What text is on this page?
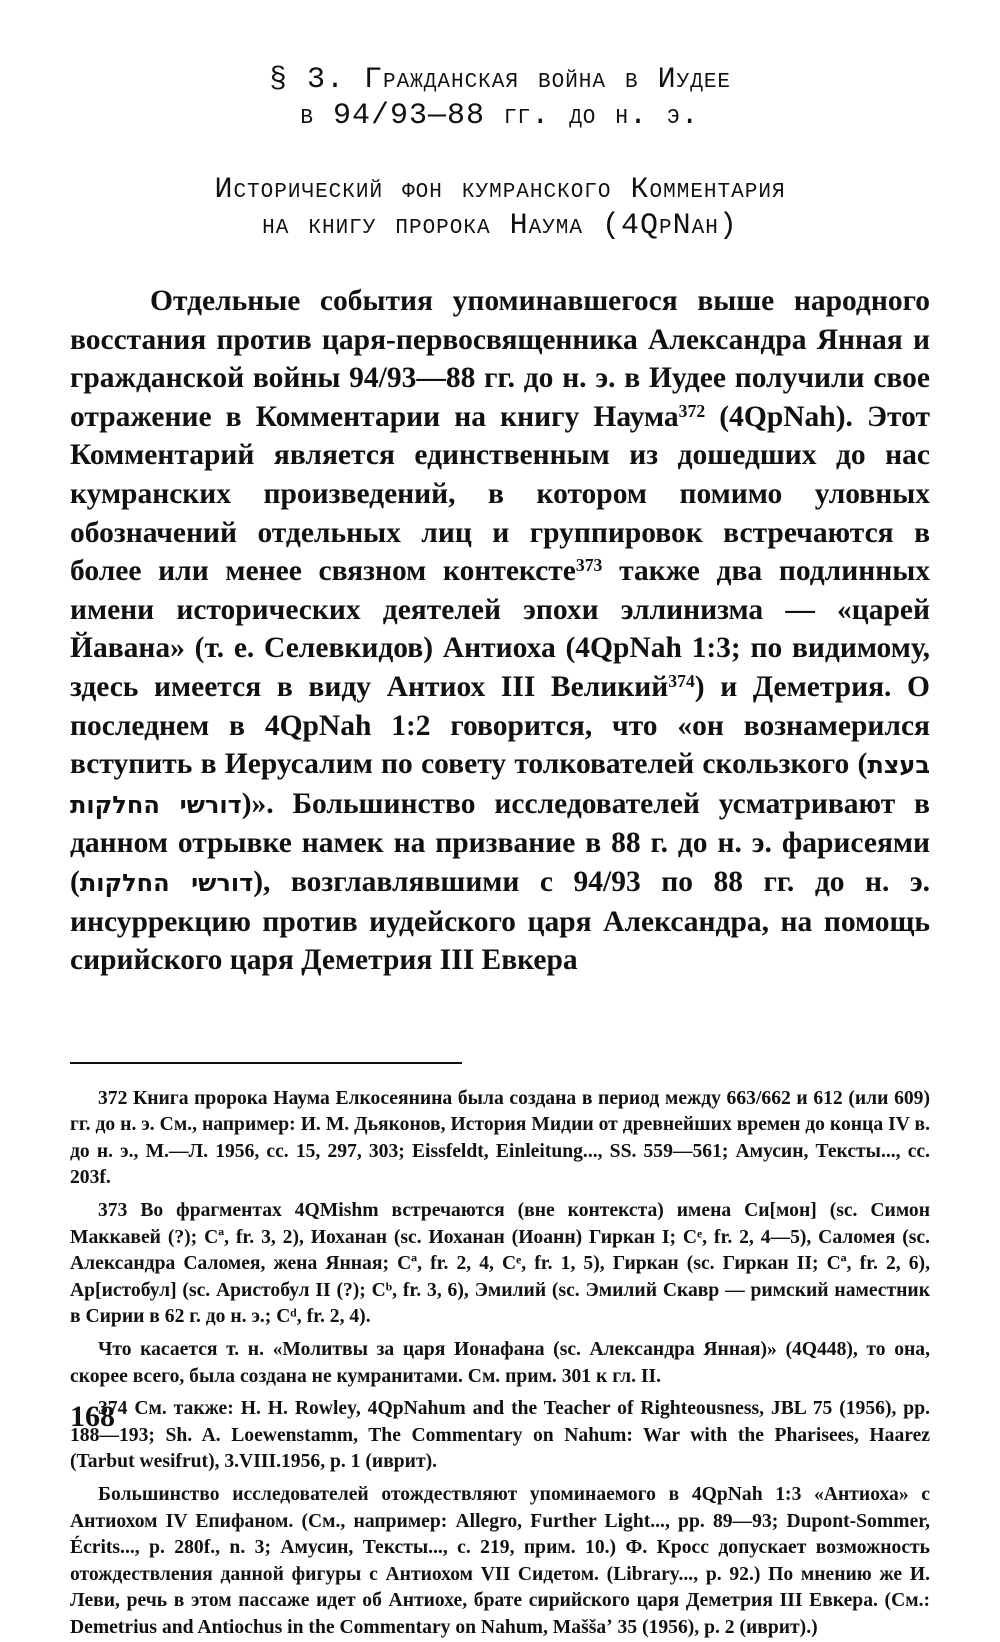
§ 3. Гражданская война в Иудее
в 94/93—88 гг. до н. э.
Исторический фон кумранского Комментария
на книгу пророка Наума (4QpNah)

Отдельные события упоминавшегося выше народного восстания против царя-первосвященника Александра Янная и гражданской войны 94/93—88 гг. до н. э. в Иудее получили свое отражение в Комментарии на книгу Наума$^{372}$ (4QpNah). Этот Комментарий является единственным из дошедших до нас кумранских произведений, в котором помимо уловных обозначений отдельных лиц и группировок встречаются в более или менее связном контексте$^{373}$ также два подлинных имени исторических деятелей эпохи эллинизма — «царей Йавана» (т. е. Селевкидов) Антиоха (4QpNah 1:3; по видимому, здесь имеется в виду Антиох III Великий$^{374}$) и Деметрия. О последнем в 4QpNah 1:2 говорится, что «он вознамерился вступить в Иерусалим по совету толкователей скользкого (בעצת דורשי החלקות)». Большинство исследователей усматривают в данном отрывке намек на призвание в 88 г. до н. э. фарисеями (דורשי החלקות), возглавлявшими с 94/93 по 88 гг. до н. э. инсуррекцию против иудейского царя Александра, на помощь сирийского царя Деметрия III Евкера

372 Книга пророка Наума Елкосеянина была создана в период между 663/662 и 612 (или 609) гг. до н. э. См., например: И. М. Дьяконов, История Мидии от древнейших времен до конца IV в. до н. э., М.—Л. 1956, сс. 15, 297, 303; Eissfeldt, Einleitung..., SS. 559—561; Амусин, Тексты..., сс. 203f.

373 Во фрагментах 4QMishm встречаются (вне контекста) имена Си[мон] (sc. Симон Маккавей (?); Cª, fr. 3, 2), Иоханан (sc. Иоханан (Иоанн) Гиркан I; Cᵉ, fr. 2, 4—5), Саломея (sc. Александра Саломея, жена Янная; Cª, fr. 2, 4, Cᵉ, fr. 1, 5), Гиркан (sc. Гиркан II; Cª, fr. 2, 6), Ар[истобул] (sc. Аристобул II (?); Cᵇ, fr. 3, 6), Эмилий (sc. Эмилий Скавр — римский наместник в Сирии в 62 г. до н. э.; Cᵈ, fr. 2, 4).

Что касается т. н. «Молитвы за царя Ионафана (sc. Александра Янная)» (4Q448), то она, скорее всего, была создана не кумранитами. См. прим. 301 к гл. II.

374 См. также: H. H. Rowley, 4QpNahum and the Teacher of Righteousness, JBL 75 (1956), pp. 188—193; Sh. A. Loewenstamm, The Commentary on Nahum: War with the Pharisees, Haarez (Tarbut wesifrut), 3.VIII.1956, p. 1 (иврит).

Большинство исследователей отождествляют упоминаемого в 4QpNah 1:3 «Антиоха» с Антиохом IV Епифаном. (См., например: Allegro, Further Light..., pp. 89—93; Dupont-Sommer, Écrits..., p. 280f., n. 3; Амусин, Тексты..., с. 219, прим. 10.) Ф. Кросс допускает возможность отождествления данной фигуры с Антиохом VII Сидетом. (Library..., p. 92.) По мнению же И. Леви, речь в этом пассаже идет об Антиохе, брате сирийского царя Деметрия III Евкера. (См.: Demetrius and Antiochus in the Commentary on Nahum, Maššaʼ 35 (1956), p. 2 (иврит).)

168
